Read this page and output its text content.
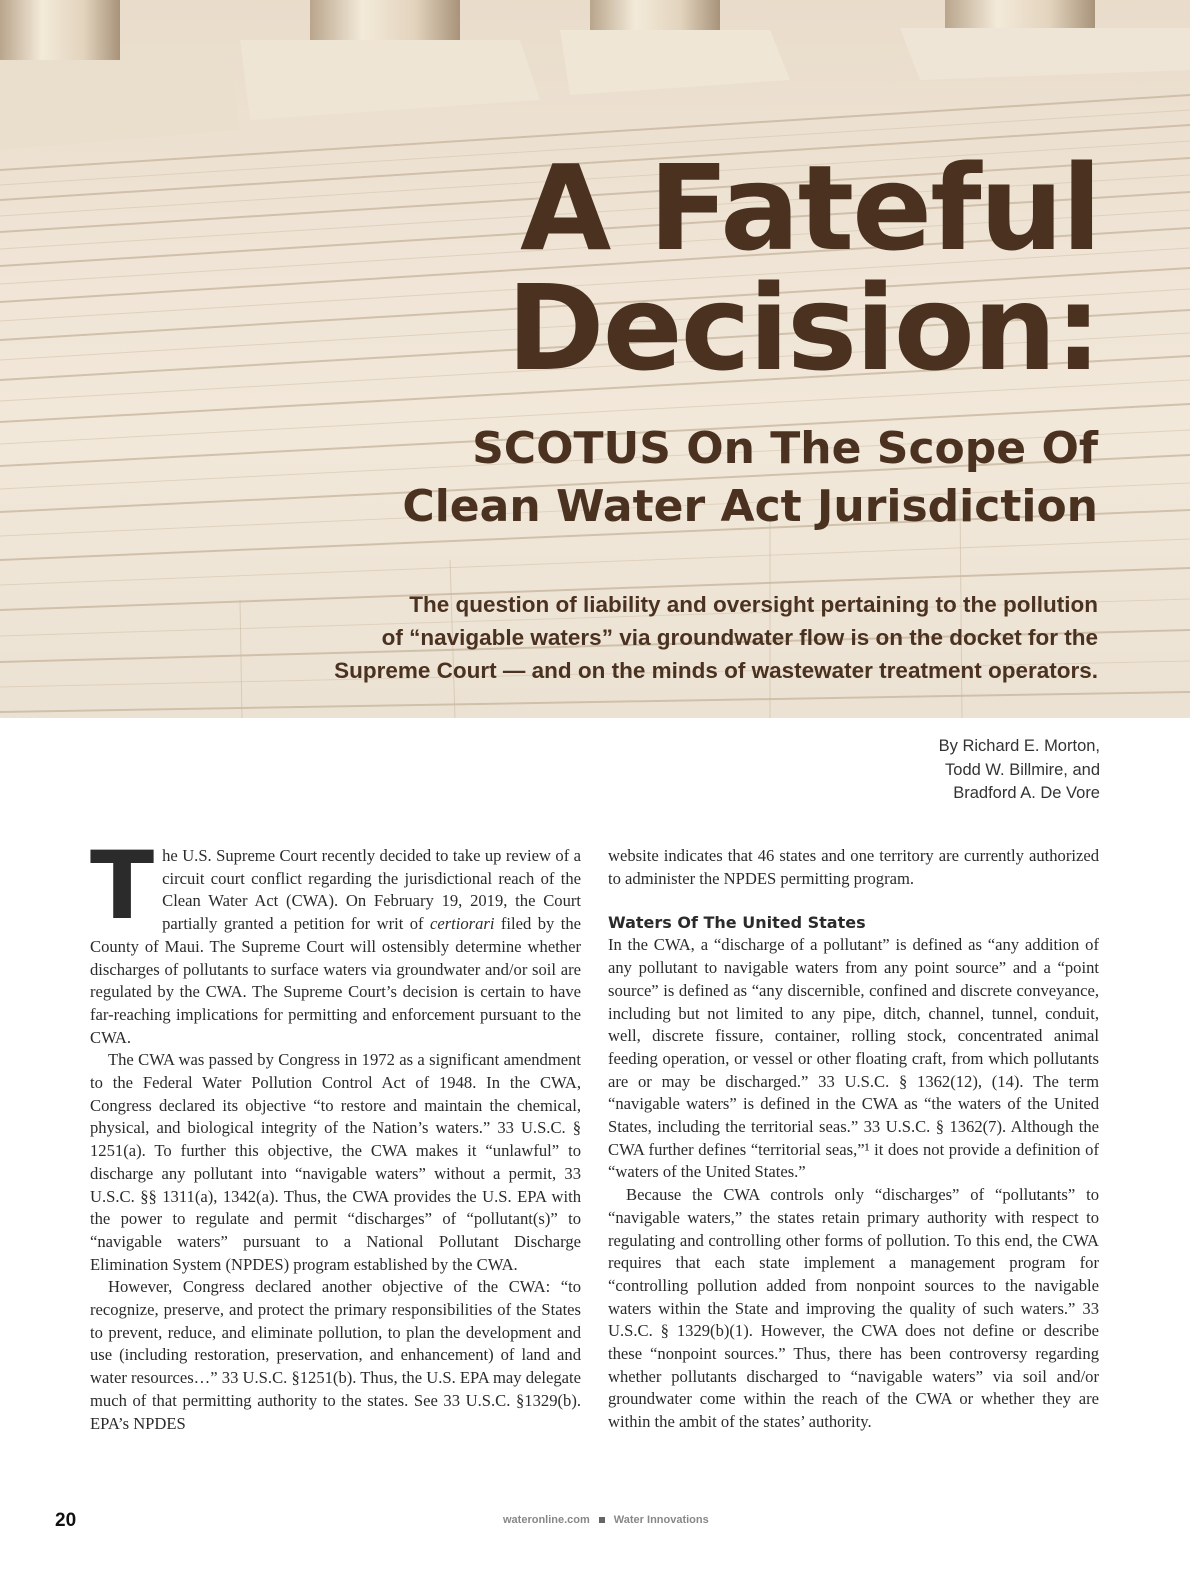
A Fateful
Decision:
SCOTUS On The Scope Of
Clean Water Act Jurisdiction

The question of liability and oversight pertaining to the pollution
of “navigable waters” via groundwater flow is on the docket for the
Supreme Court — and on the minds of wastewater treatment operators.

By Richard E. Morton,
Todd W. Billmire, and
Bradford A. De Vore

The U.S. Supreme Court recently decided to take up review of a circuit court conflict regarding the jurisdictional reach of the Clean Water Act (CWA). On February 19, 2019, the Court partially granted a petition for writ of certiorari filed by the County of Maui. The Supreme Court will ostensibly determine whether discharges of pollutants to surface waters via groundwater and/or soil are regulated by the CWA. The Supreme Court’s decision is certain to have far-reaching implications for permitting and enforcement pursuant to the CWA.

The CWA was passed by Congress in 1972 as a significant amendment to the Federal Water Pollution Control Act of 1948. In the CWA, Congress declared its objective “to restore and maintain the chemical, physical, and biological integrity of the Nation’s waters.” 33 U.S.C. § 1251(a). To further this objective, the CWA makes it “unlawful” to discharge any pollutant into “navigable waters” without a permit, 33 U.S.C. §§ 1311(a), 1342(a). Thus, the CWA provides the U.S. EPA with the power to regulate and permit “discharges” of “pollutant(s)” to “navigable waters” pursuant to a National Pollutant Discharge Elimination System (NPDES) program established by the CWA.

However, Congress declared another objective of the CWA: “to recognize, preserve, and protect the primary responsibilities of the States to prevent, reduce, and eliminate pollution, to plan the development and use (including restoration, preservation, and enhancement) of land and water resources…” 33 U.S.C. §1251(b). Thus, the U.S. EPA may delegate much of that permitting authority to the states. See 33 U.S.C. §1329(b). EPA’s NPDES

website indicates that 46 states and one territory are currently authorized to administer the NPDES permitting program.

Waters Of The United States

In the CWA, a “discharge of a pollutant” is defined as “any addition of any pollutant to navigable waters from any point source” and a “point source” is defined as “any discernible, confined and discrete conveyance, including but not limited to any pipe, ditch, channel, tunnel, conduit, well, discrete fissure, container, rolling stock, concentrated animal feeding operation, or vessel or other floating craft, from which pollutants are or may be discharged.” 33 U.S.C. § 1362(12), (14). The term “navigable waters” is defined in the CWA as “the waters of the United States, including the territorial seas.” 33 U.S.C. § 1362(7). Although the CWA further defines “territorial seas,”¹ it does not provide a definition of “waters of the United States.”

Because the CWA controls only “discharges” of “pollutants” to “navigable waters,” the states retain primary authority with respect to regulating and controlling other forms of pollution. To this end, the CWA requires that each state implement a management program for “controlling pollution added from nonpoint sources to the navigable waters within the State and improving the quality of such waters.” 33 U.S.C. § 1329(b)(1). However, the CWA does not define or describe these “nonpoint sources.” Thus, there has been controversy regarding whether pollutants discharged to “navigable waters” via soil and/or groundwater come within the reach of the CWA or whether they are within the ambit of the states’ authority.

20	wateronline.com Water Innovations
